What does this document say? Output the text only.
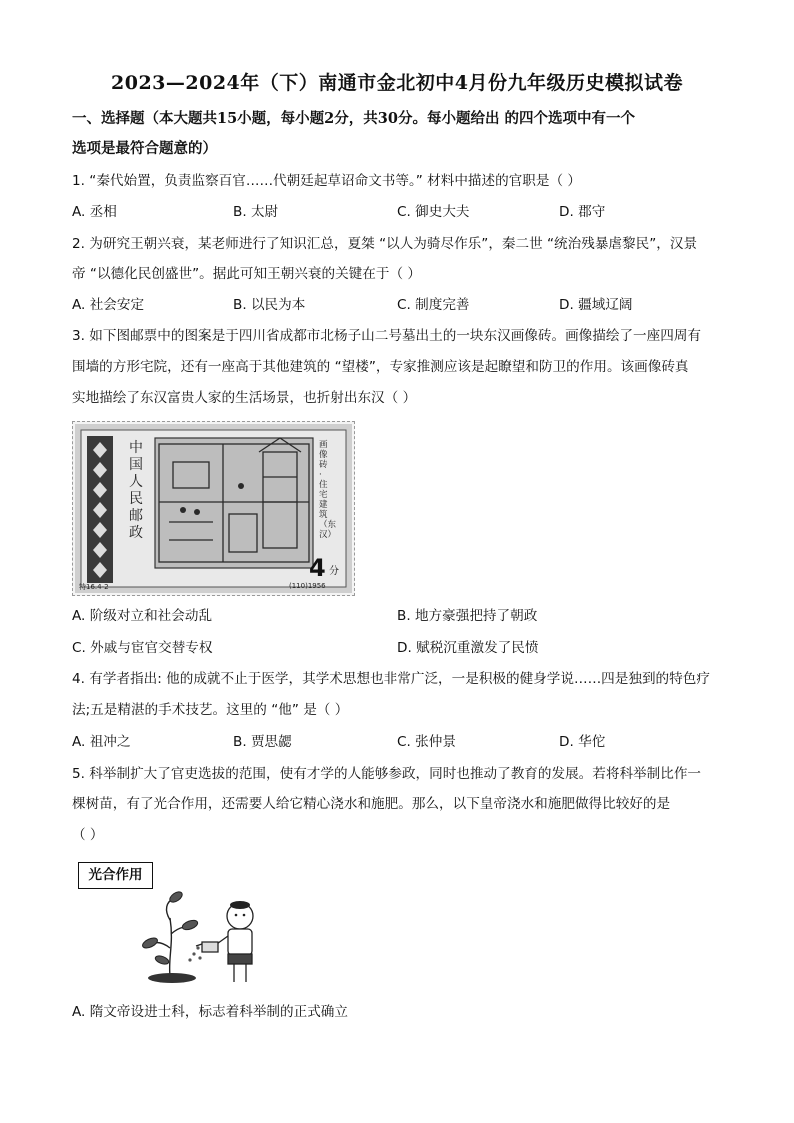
2023—2024年（下）南通市金北初中4月份九年级历史模拟试卷
一、选择题（本大题共15小题，每小题2分，共30分。每小题给出 的四个选项中有一个
选项是最符合题意的）
1. “秦代始置，负责监察百官……代朝廷起草诏命文书等。” 材料中描述的官职是（ ）
A. 丞相	B. 太尉	C. 御史大夫	D. 郡守
2. 为研究王朝兴衰，某老师进行了知识汇总，夏桀 “以人为骑尽作乐”，秦二世 “统治残暴虐黎民”，汉景
帝 “以德化民创盛世”。据此可知王朝兴衰的关键在于（ ）
A. 社会安定	B. 以民为本	C. 制度完善	D. 疆域辽阔
3. 如下图邮票中的图案是于四川省成都市北杨子山二号墓出土的一块东汉画像砖。画像描绘了一座四周有
围墙的方形宅院，还有一座高于其他建筑的 “望楼”，专家推测应该是起瞭望和防卫的作用。该画像砖真
实地描绘了东汉富贵人家的生活场景，也折射出东汉（ ）
中国人民邮政
画像砖·住宅建筑（东汉）
4 分
特16.4-2	(110)1956
A. 阶级对立和社会动乱	B. 地方豪强把持了朝政
C. 外戚与宦官交替专权	D. 赋税沉重激发了民愤
4. 有学者指出: 他的成就不止于医学，其学术思想也非常广泛，一是积极的健身学说……四是独到的特色疗
法;五是精湛的手术技艺。这里的 “他” 是（ ）
A. 祖冲之	B. 贾思勰	C. 张仲景	D. 华佗
5. 科举制扩大了官吏选拔的范围，使有才学的人能够参政，同时也推动了教育的发展。若将科举制比作一
棵树苗，有了光合作用，还需要人给它精心浇水和施肥。那么，以下皇帝浇水和施肥做得比较好的是
（ ）
光合作用
A. 隋文帝设进士科，标志着科举制的正式确立
